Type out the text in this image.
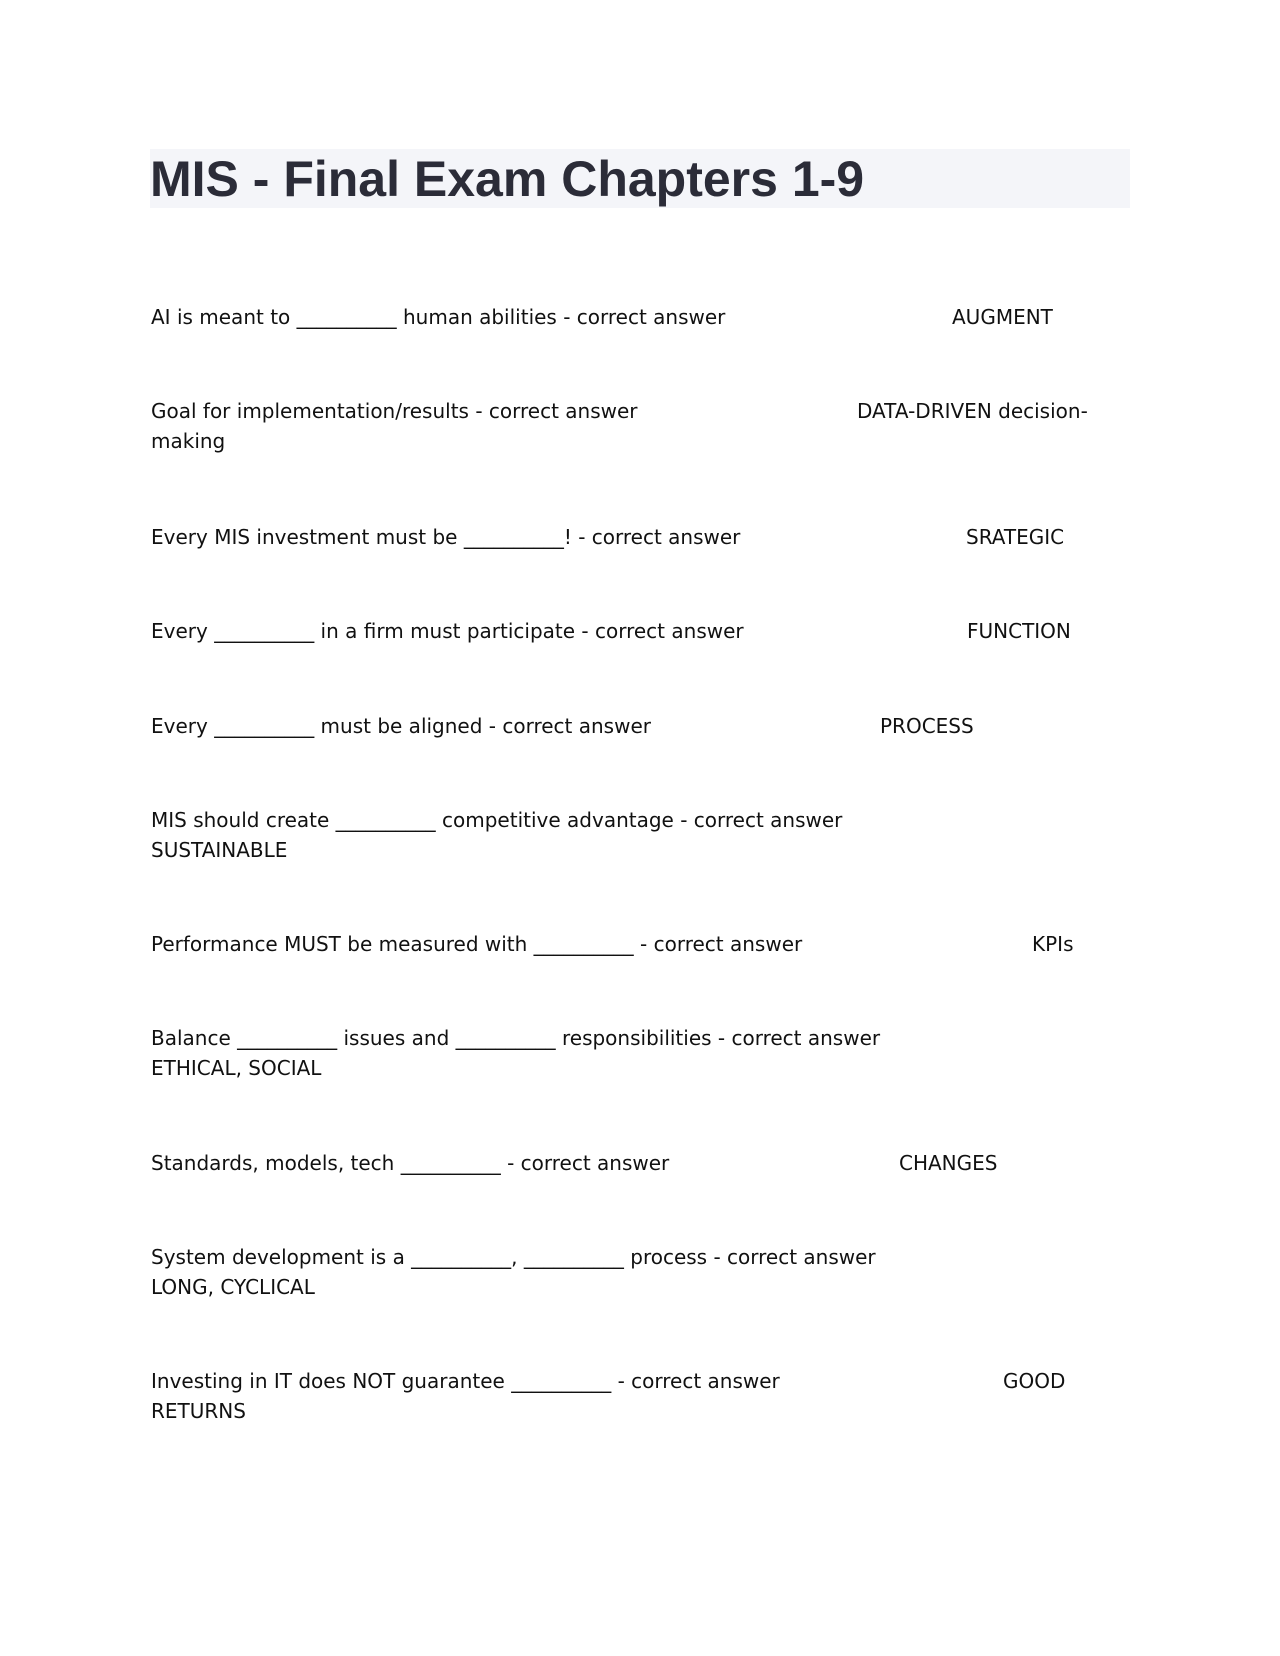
MIS - Final Exam Chapters 1-9
AI is meant to __________ human abilities - correct answer	AUGMENT
Goal for implementation/results - correct answer	DATA-DRIVEN decision-
making
Every MIS investment must be __________! - correct answer	SRATEGIC
Every __________ in a firm must participate - correct answer	FUNCTION
Every __________ must be aligned - correct answer	PROCESS
MIS should create __________ competitive advantage - correct answer
SUSTAINABLE
Performance MUST be measured with __________ - correct answer	KPIs
Balance __________ issues and __________ responsibilities - correct answer
ETHICAL, SOCIAL
Standards, models, tech __________ - correct answer	CHANGES
System development is a __________, __________ process - correct answer
LONG, CYCLICAL
Investing in IT does NOT guarantee __________ - correct answer	GOOD
RETURNS
